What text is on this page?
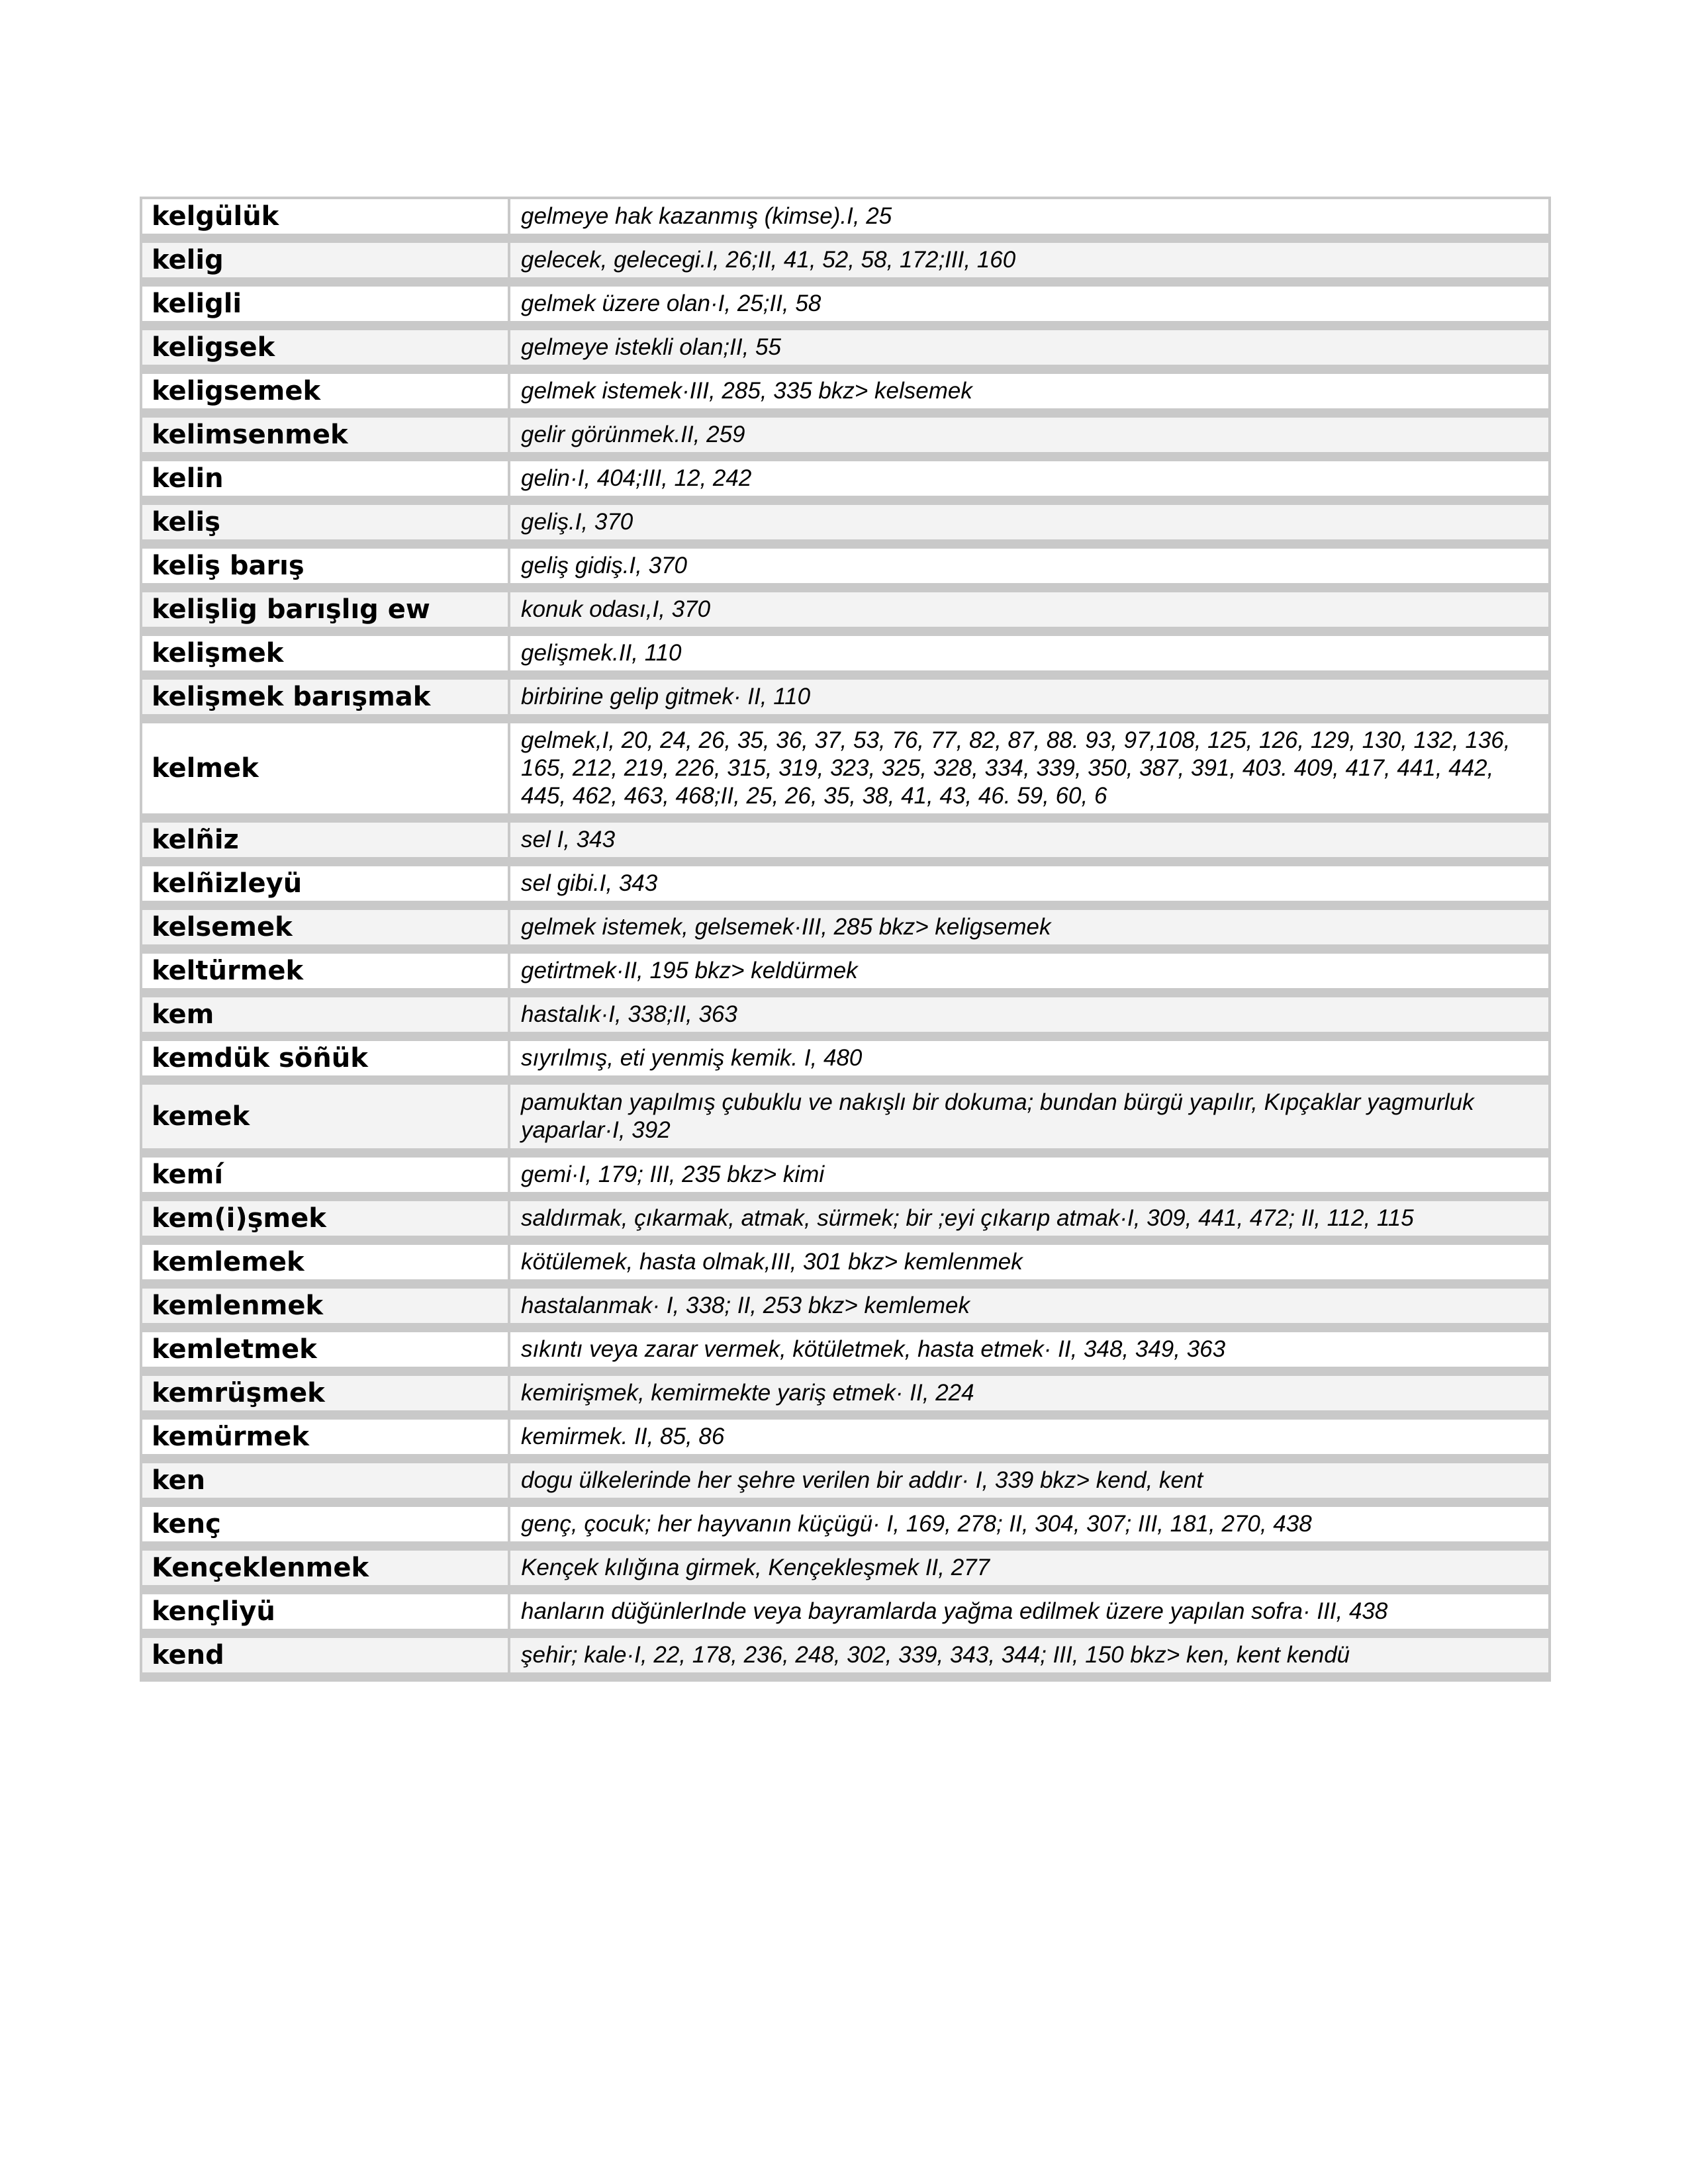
kelgülük	gelmeye hak kazanmış (kimse).I, 25
kelig	gelecek, gelecegi.I, 26;II, 41, 52, 58, 172;III, 160
keligli	gelmek üzere olan·I, 25;II, 58
keligsek	gelmeye istekli olan;II, 55
keligsemek	gelmek istemek·III, 285, 335 bkz> kelsemek
kelimsenmek	gelir görünmek.II, 259
kelin	gelin·I, 404;III, 12, 242
keliş	geliş.I, 370
keliş barış	geliş gidiş.I, 370
kelişlig barışlıg ew	konuk odası,I, 370
kelişmek	gelişmek.II, 110
kelişmek barışmak	birbirine gelip gitmek· II, 110
kelmek	gelmek,I, 20, 24, 26, 35, 36, 37, 53, 76, 77, 82, 87, 88. 93, 97,108, 125, 126, 129, 130, 132, 136, 165, 212, 219, 226, 315, 319, 323, 325, 328, 334, 339, 350, 387, 391, 403. 409, 417, 441, 442, 445, 462, 463, 468;II, 25, 26, 35, 38, 41, 43, 46. 59, 60, 6
kelñiz	sel I, 343
kelñizleyü	sel gibi.I, 343
kelsemek	gelmek istemek, gelsemek·III, 285 bkz> keligsemek
keltürmek	getirtmek·II, 195 bkz> keldürmek
kem	hastalık·I, 338;II, 363
kemdük söñük	sıyrılmış, eti yenmiş kemik. I, 480
kemek	pamuktan yapılmış çubuklu ve nakışlı bir dokuma; bundan bürgü yapılır, Kıpçaklar yagmurluk yaparlar·I, 392
kemí	gemi·I, 179; III, 235 bkz> kimi
kem(i)şmek	saldırmak, çıkarmak, atmak, sürmek; bir ;eyi çıkarıp atmak·I, 309, 441, 472; II, 112, 115
kemlemek	kötülemek, hasta olmak,III, 301 bkz> kemlenmek
kemlenmek	hastalanmak· I, 338; II, 253 bkz> kemlemek
kemletmek	sıkıntı veya zarar vermek, kötületmek, hasta etmek· II, 348, 349, 363
kemrüşmek	kemirişmek, kemirmekte yariş etmek· II, 224
kemürmek	kemirmek. II, 85, 86
ken	dogu ülkelerinde her şehre verilen bir addır· I, 339 bkz> kend, kent
kenç	genç, çocuk; her hayvanın küçügü· I, 169, 278; II, 304, 307; III, 181, 270, 438
Kençeklenmek	Kençek kılığına girmek, Kençekleşmek II, 277
kençliyü	hanların düğünlerInde veya bayramlarda yağma edilmek üzere yapılan sofra· III, 438
kend	şehir; kale·I, 22, 178, 236, 248, 302, 339, 343, 344; III, 150 bkz> ken, kent kendü
